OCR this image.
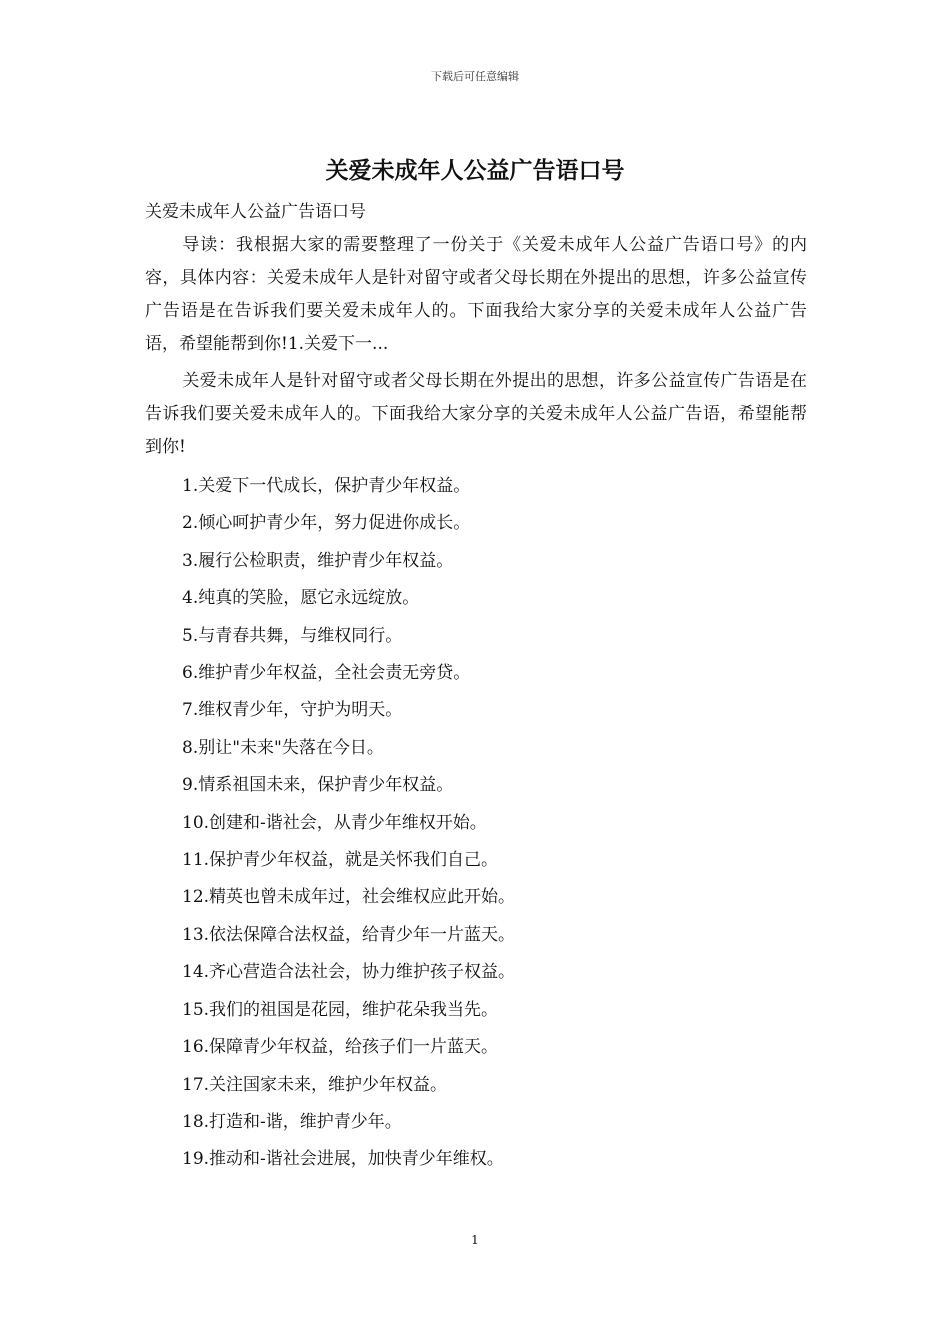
下载后可任意编辑
关爱未成年人公益广告语口号

关爱未成年人公益广告语口号

导读：我根据大家的需要整理了一份关于《关爱未成年人公益广告语口号》的内容，具体内容：关爱未成年人是针对留守或者父母长期在外提出的思想，许多公益宣传广告语是在告诉我们要关爱未成年人的。下面我给大家分享的关爱未成年人公益广告语，希望能帮到你!1.关爱下一...

关爱未成年人是针对留守或者父母长期在外提出的思想，许多公益宣传广告语是在告诉我们要关爱未成年人的。下面我给大家分享的关爱未成年人公益广告语，希望能帮到你!

1.关爱下一代成长，保护青少年权益。
2.倾心呵护青少年，努力促进你成长。
3.履行公检职责，维护青少年权益。
4.纯真的笑脸，愿它永远绽放。
5.与青春共舞，与维权同行。
6.维护青少年权益，全社会责无旁贷。
7.维权青少年，守护为明天。
8.别让"未来"失落在今日。
9.情系祖国未来，保护青少年权益。
10.创建和-谐社会，从青少年维权开始。
11.保护青少年权益，就是关怀我们自己。
12.精英也曾未成年过，社会维权应此开始。
13.依法保障合法权益，给青少年一片蓝天。
14.齐心营造合法社会，协力维护孩子权益。
15.我们的祖国是花园，维护花朵我当先。
16.保障青少年权益，给孩子们一片蓝天。
17.关注国家未来，维护少年权益。
18.打造和-谐，维护青少年。
19.推动和-谐社会进展，加快青少年维权。
1
